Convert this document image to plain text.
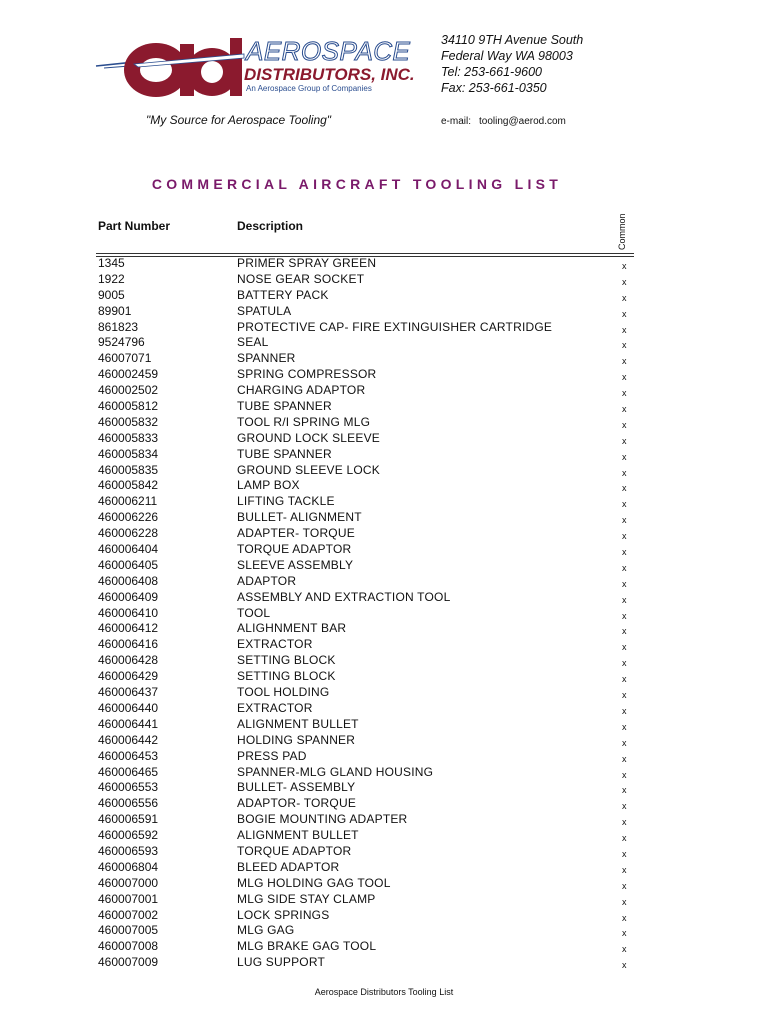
AEROSPACE
DISTRIBUTORS, INC.
An Aerospace Group of Companies
34110 9TH Avenue South
Federal Way WA 98003
Tel: 253-661-9600
Fax: 253-661-0350
"My Source for Aerospace Tooling"	e-mail: tooling@aerod.com
COMMERCIAL AIRCRAFT TOOLING LIST
Part Number	Description	Common
1345	PRIMER SPRAY GREEN	x
1922	NOSE GEAR SOCKET	x
9005	BATTERY PACK	x
89901	SPATULA	x
861823	PROTECTIVE CAP- FIRE EXTINGUISHER CARTRIDGE	x
9524796	SEAL	x
46007071	SPANNER	x
460002459	SPRING COMPRESSOR	x
460002502	CHARGING ADAPTOR	x
460005812	TUBE SPANNER	x
460005832	TOOL R/I SPRING MLG	x
460005833	GROUND LOCK SLEEVE	x
460005834	TUBE SPANNER	x
460005835	GROUND SLEEVE LOCK	x
460005842	LAMP BOX	x
460006211	LIFTING TACKLE	x
460006226	BULLET- ALIGNMENT	x
460006228	ADAPTER- TORQUE	x
460006404	TORQUE ADAPTOR	x
460006405	SLEEVE ASSEMBLY	x
460006408	ADAPTOR	x
460006409	ASSEMBLY AND EXTRACTION TOOL	x
460006410	TOOL	x
460006412	ALIGHNMENT BAR	x
460006416	EXTRACTOR	x
460006428	SETTING BLOCK	x
460006429	SETTING BLOCK	x
460006437	TOOL HOLDING	x
460006440	EXTRACTOR	x
460006441	ALIGNMENT BULLET	x
460006442	HOLDING SPANNER	x
460006453	PRESS PAD	x
460006465	SPANNER-MLG GLAND HOUSING	x
460006553	BULLET- ASSEMBLY	x
460006556	ADAPTOR- TORQUE	x
460006591	BOGIE MOUNTING ADAPTER	x
460006592	ALIGNMENT BULLET	x
460006593	TORQUE ADAPTOR	x
460006804	BLEED ADAPTOR	x
460007000	MLG HOLDING GAG TOOL	x
460007001	MLG SIDE STAY CLAMP	x
460007002	LOCK SPRINGS	x
460007005	MLG GAG	x
460007008	MLG BRAKE GAG TOOL	x
460007009	LUG SUPPORT	x
Aerospace Distributors Tooling List
